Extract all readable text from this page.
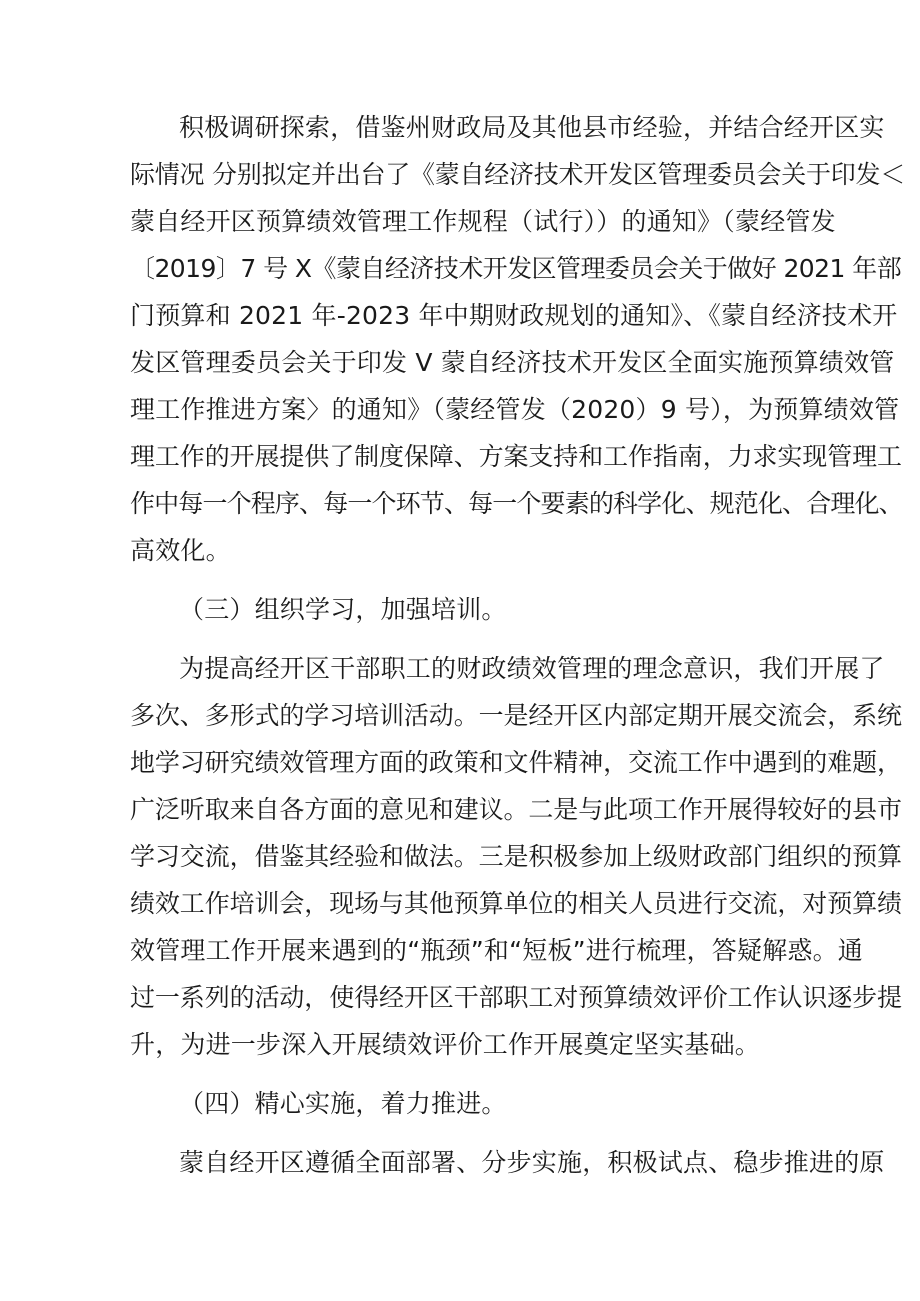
积极调研探索，借鉴州财政局及其他县市经验，并结合经开区实

际情况 分别拟定并出台了《蒙自经济技术开发区管理委员会关于印发＜

蒙自经开区预算绩效管理工作规程（试行））的通知》（蒙经管发

〔2019〕7 号 X《蒙自经济技术开发区管理委员会关于做好 2021 年部

门预算和 2021 年-2023 年中期财政规划的通知》、《蒙自经济技术开

发区管理委员会关于印发 V 蒙自经济技术开发区全面实施预算绩效管

理工作推进方案〉的通知》（蒙经管发（2020）9 号），为预算绩效管

理工作的开展提供了制度保障、方案支持和工作指南，力求实现管理工

作中每一个程序、每一个环节、每一个要素的科学化、规范化、合理化、

高效化。

（三）组织学习，加强培训。

为提高经开区干部职工的财政绩效管理的理念意识，我们开展了

多次、多形式的学习培训活动。一是经开区内部定期开展交流会，系统

地学习研究绩效管理方面的政策和文件精神，交流工作中遇到的难题，

广泛听取来自各方面的意见和建议。二是与此项工作开展得较好的县市

学习交流，借鉴其经验和做法。三是积极参加上级财政部门组织的预算

绩效工作培训会，现场与其他预算单位的相关人员进行交流，对预算绩

效管理工作开展来遇到的“瓶颈”和“短板”进行梳理，答疑解惑。通

过一系列的活动，使得经开区干部职工对预算绩效评价工作认识逐步提

升，为进一步深入开展绩效评价工作开展奠定坚实基础。

（四）精心实施，着力推进。

蒙自经开区遵循全面部署、分步实施，积极试点、稳步推进的原
